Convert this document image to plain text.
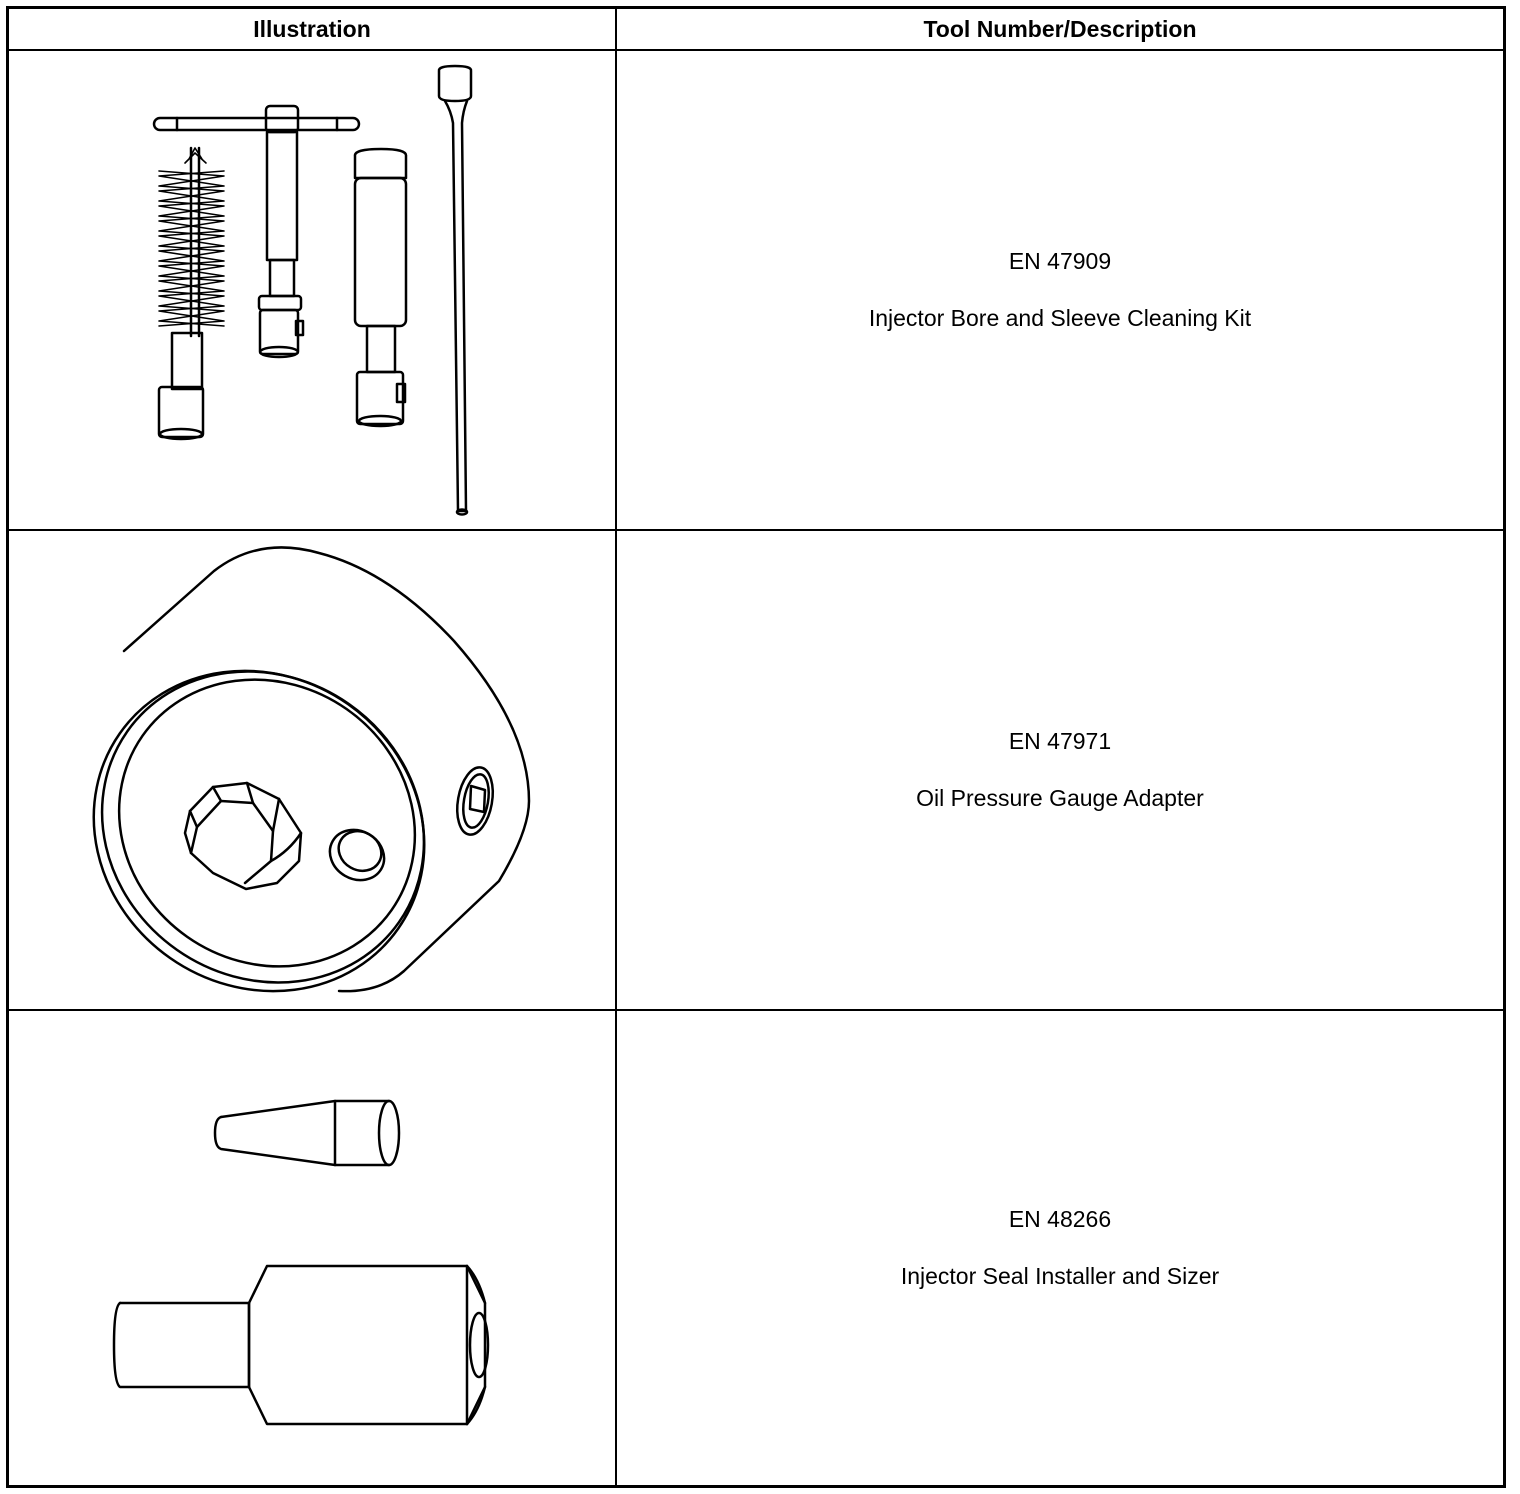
Illustration	Tool Number/Description
EN 47909
Injector Bore and Sleeve Cleaning Kit
EN 47971
Oil Pressure Gauge Adapter
EN 48266
Injector Seal Installer and Sizer
